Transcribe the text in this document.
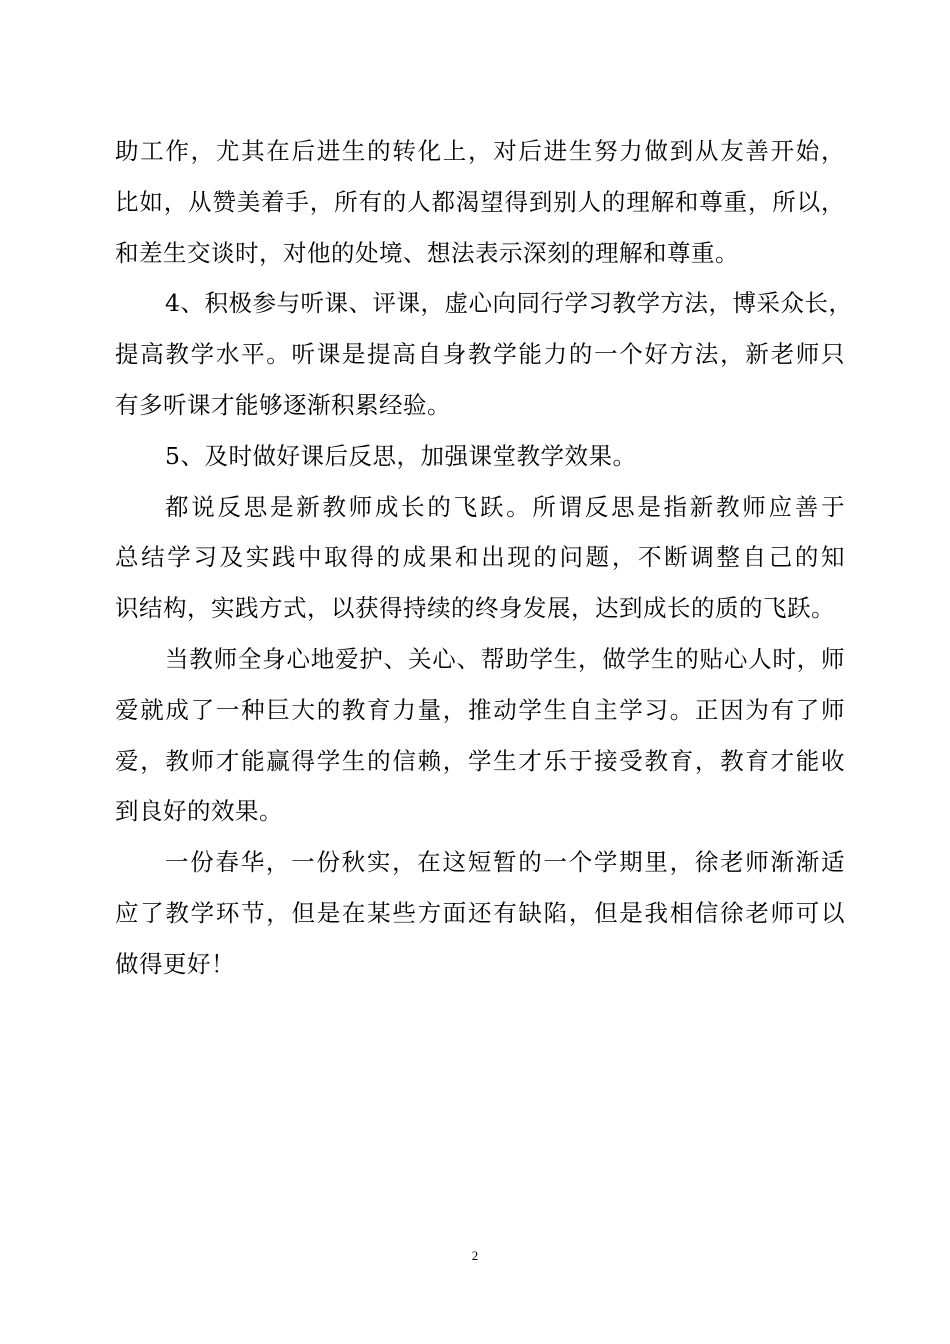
助工作，尤其在后进生的转化上，对后进生努力做到从友善开始，
比如，从赞美着手，所有的人都渴望得到别人的理解和尊重，所以，
和差生交谈时，对他的处境、想法表示深刻的理解和尊重。
4、积极参与听课、评课，虚心向同行学习教学方法，博采众长，
提高教学水平。听课是提高自身教学能力的一个好方法，新老师只
有多听课才能够逐渐积累经验。
5、及时做好课后反思，加强课堂教学效果。
都说反思是新教师成长的飞跃。所谓反思是指新教师应善于
总结学习及实践中取得的成果和出现的问题，不断调整自己的知
识结构，实践方式，以获得持续的终身发展，达到成长的质的飞跃。
当教师全身心地爱护、关心、帮助学生，做学生的贴心人时，师
爱就成了一种巨大的教育力量，推动学生自主学习。正因为有了师
爱，教师才能赢得学生的信赖，学生才乐于接受教育，教育才能收
到良好的效果。
一份春华，一份秋实，在这短暂的一个学期里，徐老师渐渐适
应了教学环节，但是在某些方面还有缺陷，但是我相信徐老师可以
做得更好！
2
